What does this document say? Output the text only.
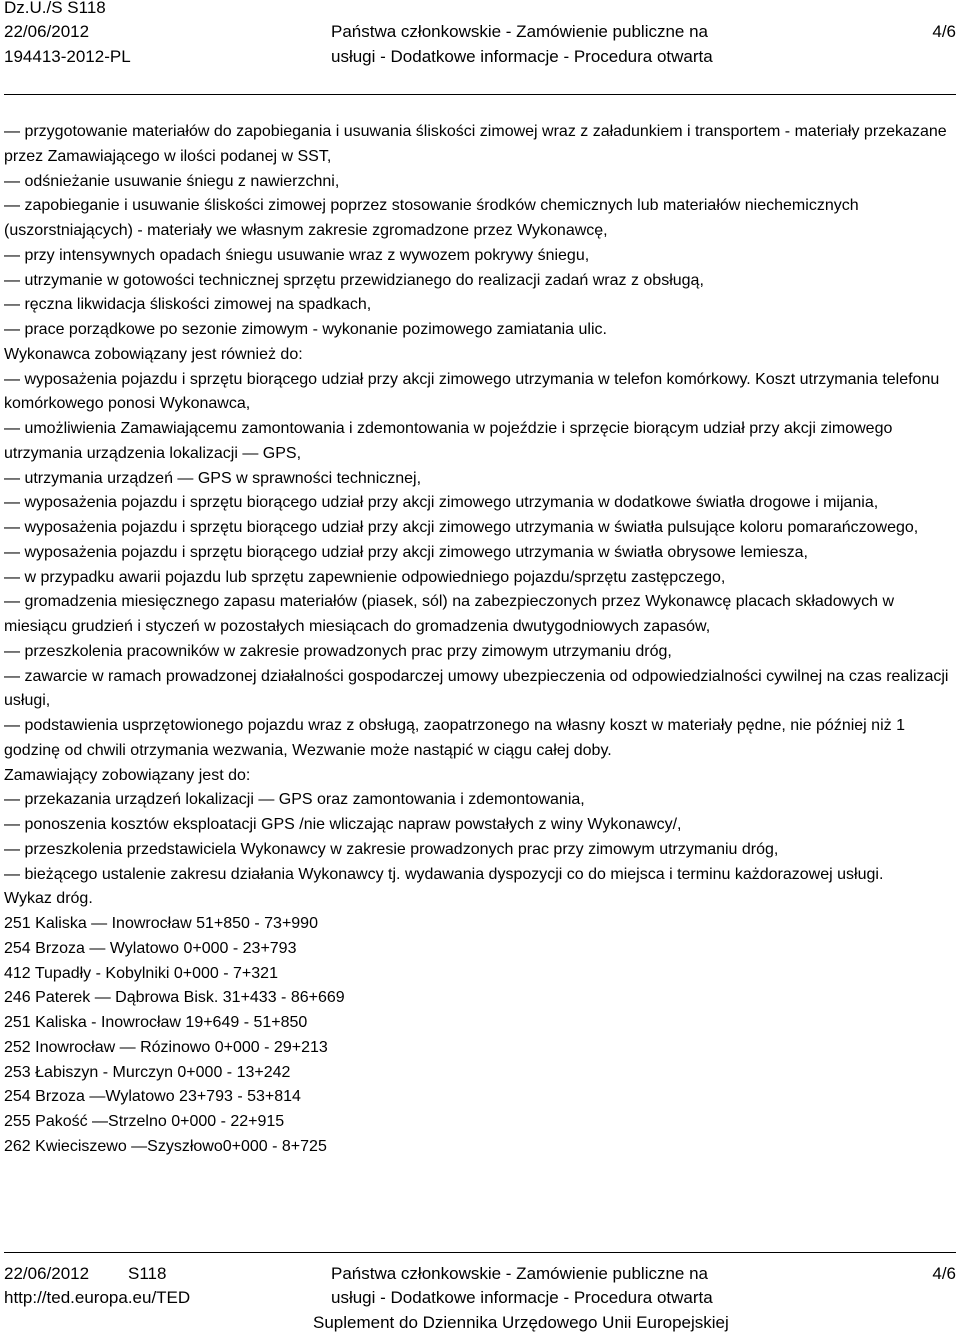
Dz.U./S S118
22/06/2012
194413-2012-PL
Państwa członkowskie - Zamówienie publiczne na
usługi - Dodatkowe informacje - Procedura otwarta
4/6

— przygotowanie materiałów do zapobiegania i usuwania śliskości zimowej wraz z załadunkiem i transportem - materiały przekazane przez Zamawiającego w ilości podanej w SST,

— odśnieżanie usuwanie śniegu z nawierzchni,

— zapobieganie i usuwanie śliskości zimowej poprzez stosowanie środków chemicznych lub materiałów niechemicznych (uszorstniających) - materiały we własnym zakresie zgromadzone przez Wykonawcę,

— przy intensywnych opadach śniegu usuwanie wraz z wywozem pokrywy śniegu,

— utrzymanie w gotowości technicznej sprzętu przewidzianego do realizacji zadań wraz z obsługą,

— ręczna likwidacja śliskości zimowej na spadkach,

— prace porządkowe po sezonie zimowym - wykonanie pozimowego zamiatania ulic.

Wykonawca zobowiązany jest również do:

— wyposażenia pojazdu i sprzętu biorącego udział przy akcji zimowego utrzymania w telefon komórkowy. Koszt utrzymania telefonu komórkowego ponosi Wykonawca,

— umożliwienia Zamawiającemu zamontowania i zdemontowania w pojeździe i sprzęcie biorącym udział przy akcji zimowego utrzymania urządzenia lokalizacji — GPS,

— utrzymania urządzeń — GPS w sprawności technicznej,

— wyposażenia pojazdu i sprzętu biorącego udział przy akcji zimowego utrzymania w dodatkowe światła drogowe i mijania,

— wyposażenia pojazdu i sprzętu biorącego udział przy akcji zimowego utrzymania w światła pulsujące koloru pomarańczowego,

— wyposażenia pojazdu i sprzętu biorącego udział przy akcji zimowego utrzymania w światła obrysowe lemiesza,

— w przypadku awarii pojazdu lub sprzętu zapewnienie odpowiedniego pojazdu/sprzętu zastępczego,

— gromadzenia miesięcznego zapasu materiałów (piasek, sól) na zabezpieczonych przez Wykonawcę placach składowych w miesiącu grudzień i styczeń w pozostałych miesiącach do gromadzenia dwutygodniowych zapasów,

— przeszkolenia pracowników w zakresie prowadzonych prac przy zimowym utrzymaniu dróg,

— zawarcie w ramach prowadzonej działalności gospodarczej umowy ubezpieczenia od odpowiedzialności cywilnej na czas realizacji usługi,

— podstawienia usprzętowionego pojazdu wraz z obsługą, zaopatrzonego na własny koszt w materiały pędne, nie później niż 1 godzinę od chwili otrzymania wezwania, Wezwanie może nastąpić w ciągu całej doby.

Zamawiający zobowiązany jest do:

— przekazania urządzeń lokalizacji — GPS oraz zamontowania i zdemontowania,

— ponoszenia kosztów eksploatacji GPS /nie wliczając napraw powstałych z winy Wykonawcy/,

— przeszkolenia przedstawiciela Wykonawcy w zakresie prowadzonych prac przy zimowym utrzymaniu dróg,

— bieżącego ustalenie zakresu działania Wykonawcy tj. wydawania dyspozycji co do miejsca i terminu każdorazowej usługi.

Wykaz dróg.

251 Kaliska — Inowrocław 51+850 - 73+990

254 Brzoza — Wylatowo 0+000 - 23+793

412 Tupadły - Kobylniki 0+000 - 7+321

246 Paterek — Dąbrowa Bisk. 31+433 - 86+669

251 Kaliska - Inowrocław 19+649 - 51+850

252 Inowrocław — Rózinowo 0+000 - 29+213

253 Łabiszyn - Murczyn 0+000 - 13+242

254 Brzoza —Wylatowo 23+793 - 53+814

255 Pakość —Strzelno 0+000 - 22+915

262 Kwieciszewo —Szyszłowo0+000 - 8+725

22/06/2012 S118
http://ted.europa.eu/TED
Państwa członkowskie - Zamówienie publiczne na
usługi - Dodatkowe informacje - Procedura otwarta
Suplement do Dziennika Urzędowego Unii Europejskiej
4/6
